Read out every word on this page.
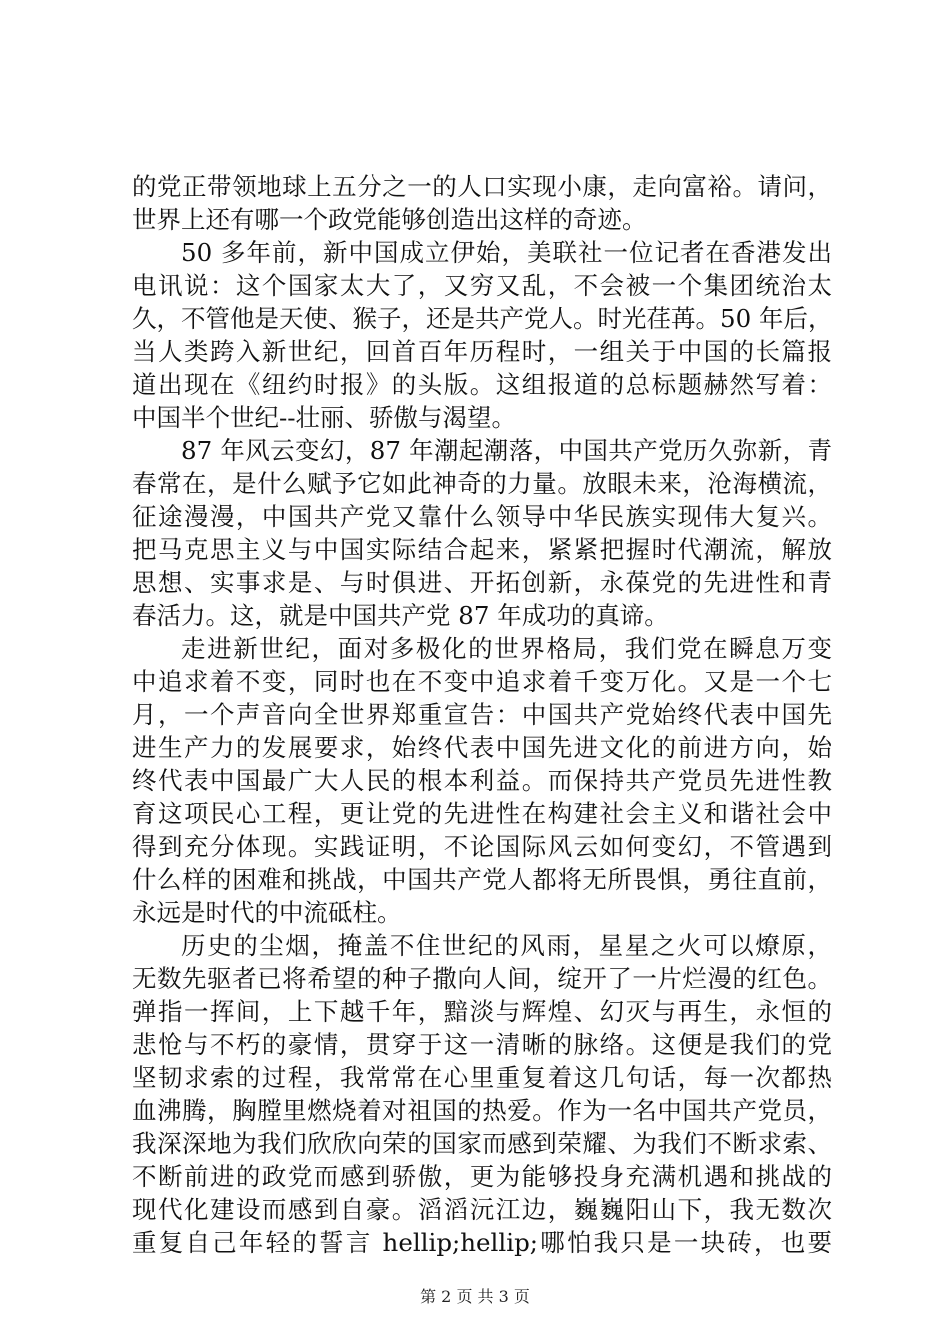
的党正带领地球上五分之一的人口实现小康，走向富裕。请问，
世界上还有哪一个政党能够创造出这样的奇迹。
50 多年前，新中国成立伊始，美联社一位记者在香港发出
电讯说：这个国家太大了，又穷又乱，不会被一个集团统治太
久，不管他是天使、猴子，还是共产党人。时光荏苒。50 年后，
当人类跨入新世纪，回首百年历程时，一组关于中国的长篇报
道出现在《纽约时报》的头版。这组报道的总标题赫然写着：
中国半个世纪--壮丽、骄傲与渴望。
87 年风云变幻，87 年潮起潮落，中国共产党历久弥新，青
春常在，是什么赋予它如此神奇的力量。放眼未来，沧海横流，
征途漫漫，中国共产党又靠什么领导中华民族实现伟大复兴。
把马克思主义与中国实际结合起来，紧紧把握时代潮流，解放
思想、实事求是、与时俱进、开拓创新，永葆党的先进性和青
春活力。这，就是中国共产党 87 年成功的真谛。
走进新世纪，面对多极化的世界格局，我们党在瞬息万变
中追求着不变，同时也在不变中追求着千变万化。又是一个七
月，一个声音向全世界郑重宣告：中国共产党始终代表中国先
进生产力的发展要求，始终代表中国先进文化的前进方向，始
终代表中国最广大人民的根本利益。而保持共产党员先进性教
育这项民心工程，更让党的先进性在构建社会主义和谐社会中
得到充分体现。实践证明，不论国际风云如何变幻，不管遇到
什么样的困难和挑战，中国共产党人都将无所畏惧，勇往直前，
永远是时代的中流砥柱。
历史的尘烟，掩盖不住世纪的风雨，星星之火可以燎原，
无数先驱者已将希望的种子撒向人间，绽开了一片烂漫的红色。
弹指一挥间，上下越千年，黯淡与辉煌、幻灭与再生，永恒的
悲怆与不朽的豪情，贯穿于这一清晰的脉络。这便是我们的党
坚韧求索的过程，我常常在心里重复着这几句话，每一次都热
血沸腾，胸膛里燃烧着对祖国的热爱。作为一名中国共产党员，
我深深地为我们欣欣向荣的国家而感到荣耀、为我们不断求索、
不断前进的政党而感到骄傲，更为能够投身充满机遇和挑战的
现代化建设而感到自豪。滔滔沅江边，巍巍阳山下，我无数次
重复自己年轻的誓言 hellip;hellip;哪怕我只是一块砖，也要
第 2 页 共 3 页
